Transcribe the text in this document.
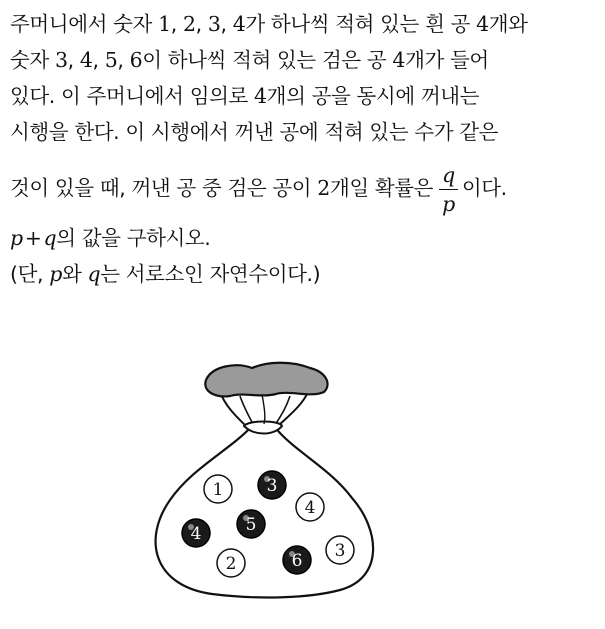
주머니에서 숫자 1, 2, 3, 4가 하나씩 적혀 있는 흰 공 4개와
숫자 3, 4, 5, 6이 하나씩 적혀 있는 검은 공 4개가 들어
있다. 이 주머니에서 임의로 4개의 공을 동시에 꺼내는
시행을 한다. 이 시행에서 꺼낸 공에 적혀 있는 수가 같은
것이 있을 때, 꺼낸 공 중 검은 공이 2개일 확률은 $\frac{q}{p}$ 이다.
p+q의 값을 구하시오.
(단, p와 q는 서로소인 자연수이다.)
1	3
4
4	5
2	6 3
